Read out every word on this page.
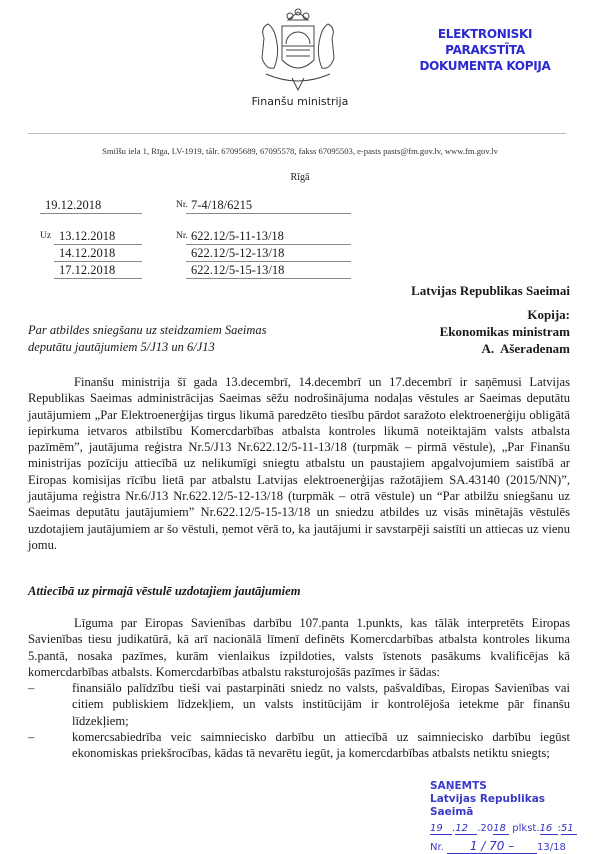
Finanšu ministrija
ELEKTRONISKI PARAKSTĪTA
DOKUMENTA KOPIJA
Smilšu iela 1, Rīga, LV-1919, tālr. 67095689, 67095578, fakss 67095503, e-pasts pasts@fm.gov.lv, www.fm.gov.lv
Rīgā
19.12.2018	Nr. 7-4/18/6215
Uz	Nr.
13.12.2018	622.12/5-11-13/18
14.12.2018	622.12/5-12-13/18
17.12.2018	622.12/5-15-13/18
Latvijas Republikas Saeimai
Kopija:
Ekonomikas ministram
A.  Ašeradenam
Par atbildes sniegšanu uz steidzamiem Saeimas deputātu jautājumiem 5/J13 un 6/J13
Finanšu ministrija šī gada 13.decembrī, 14.decembrī un 17.decembrī ir saņēmusi Latvijas Republikas Saeimas administrācijas Saeimas sēžu nodrošinājuma nodaļas vēstules ar Saeimas deputātu jautājumiem „Par Elektroenerģijas tirgus likumā paredzēto tiesību pārdot saražoto elektroenerģiju obligātā iepirkuma ietvaros atbilstību Komercdarbības atbalsta kontroles likumā noteiktajām valsts atbalsta pazīmēm”, jautājuma reģistra Nr.5/J13 Nr.622.12/5-11-13/18 (turpmāk – pirmā vēstule), „Par Finanšu ministrijas pozīciju attiecībā uz nelikumīgi sniegtu atbalstu un paustajiem apgalvojumiem saistībā ar Eiropas komisijas rīcību lietā par atbalstu Latvijas elektroenerģijas ražotājiem SA.43140 (2015/NN)”, jautājuma reģistra Nr.6/J13 Nr.622.12/5-12-13/18 (turpmāk – otrā vēstule) un “Par atbilžu sniegšanu uz Saeimas deputātu jautājumiem” Nr.622.12/5-15-13/18 un sniedzu atbildes uz visās minētajās vēstulēs uzdotajiem jautājumiem ar šo vēstuli, ņemot vērā to, ka jautājumi ir savstarpēji saistīti un attiecas uz vienu jomu.
Attiecībā uz pirmajā vēstulē uzdotajiem jautājumiem
Līguma par Eiropas Savienības darbību 107.panta 1.punkts, kas tālāk interpretēts Eiropas Savienības tiesu judikatūrā, kā arī nacionālā līmenī definēts Komercdarbības atbalsta kontroles likuma 5.pantā, nosaka pazīmes, kurām vienlaikus izpildoties, valsts īstenots pasākums kvalificējas kā komercdarbības atbalsts. Komercdarbības atbalstu raksturojošās pazīmes ir šādas:
–	finansiālo palīdzību tieši vai pastarpināti sniedz no valsts, pašvaldības, Eiropas Savienības vai citiem publiskiem līdzekļiem, un valsts institūcijām ir kontrolējoša ietekme pār finanšu līdzekļiem;
–	komercsabiedrība veic saimniecisko darbību un attiecībā uz saimniecisko darbību iegūst ekonomiskas priekšrocības, kādas tā nevarētu iegūt, ja komercdarbības atbalsts netiktu sniegts;
SAŅEMTS
Latvijas Republikas Saeimā
19 .12 .2018 plkst.16 :51
Nr. 1 / 70 – 13/18
